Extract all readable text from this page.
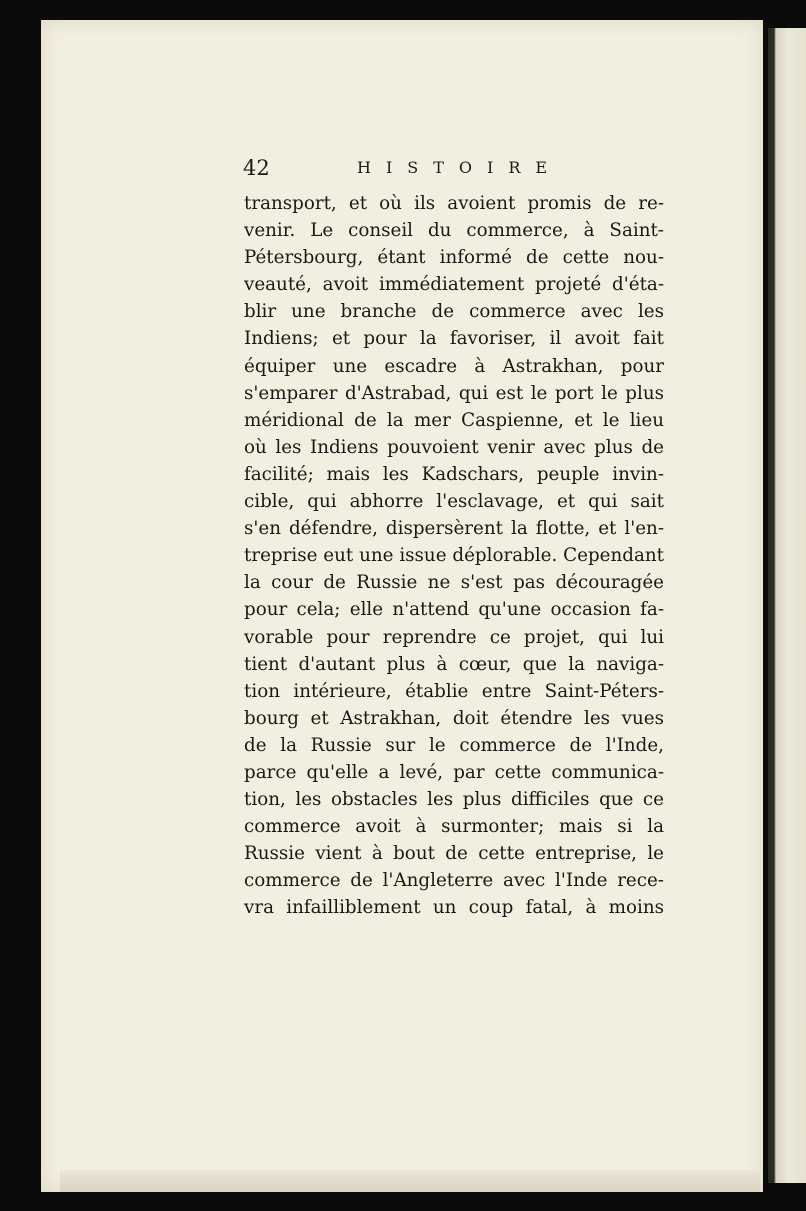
42	HISTOIRE
transport, et où ils avoient promis de re-
venir. Le conseil du commerce, à Saint-
Pétersbourg, étant informé de cette nou-
veauté, avoit immédiatement projeté d'éta-
blir une branche de commerce avec les
Indiens; et pour la favoriser, il avoit fait
équiper une escadre à Astrakhan, pour
s'emparer d'Astrabad, qui est le port le plus
méridional de la mer Caspienne, et le lieu
où les Indiens pouvoient venir avec plus de
facilité; mais les Kadschars, peuple invin-
cible, qui abhorre l'esclavage, et qui sait
s'en défendre, dispersèrent la flotte, et l'en-
treprise eut une issue déplorable. Cependant
la cour de Russie ne s'est pas découragée
pour cela; elle n'attend qu'une occasion fa-
vorable pour reprendre ce projet, qui lui
tient d'autant plus à cœur, que la naviga-
tion intérieure, établie entre Saint-Péters-
bourg et Astrakhan, doit étendre les vues
de la Russie sur le commerce de l'Inde,
parce qu'elle a levé, par cette communica-
tion, les obstacles les plus difficiles que ce
commerce avoit à surmonter; mais si la
Russie vient à bout de cette entreprise, le
commerce de l'Angleterre avec l'Inde rece-
vra infailliblement un coup fatal, à moins
